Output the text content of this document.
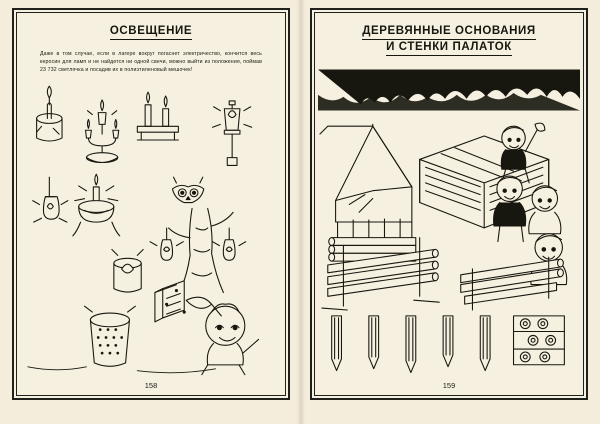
ОСВЕЩЕНИЕ
Даже в том случае, если в лагере вокруг погаснет электричество, кончится весь керосин для ламп и не найдется ни одной свечи, можно выйти из положения, поймав 23 732 светлячка и посадив их в полиэтиленовый мешочек!
158
ДЕРЕВЯННЫЕ ОСНОВАНИЯ
И СТЕНКИ ПАЛАТОК
159
